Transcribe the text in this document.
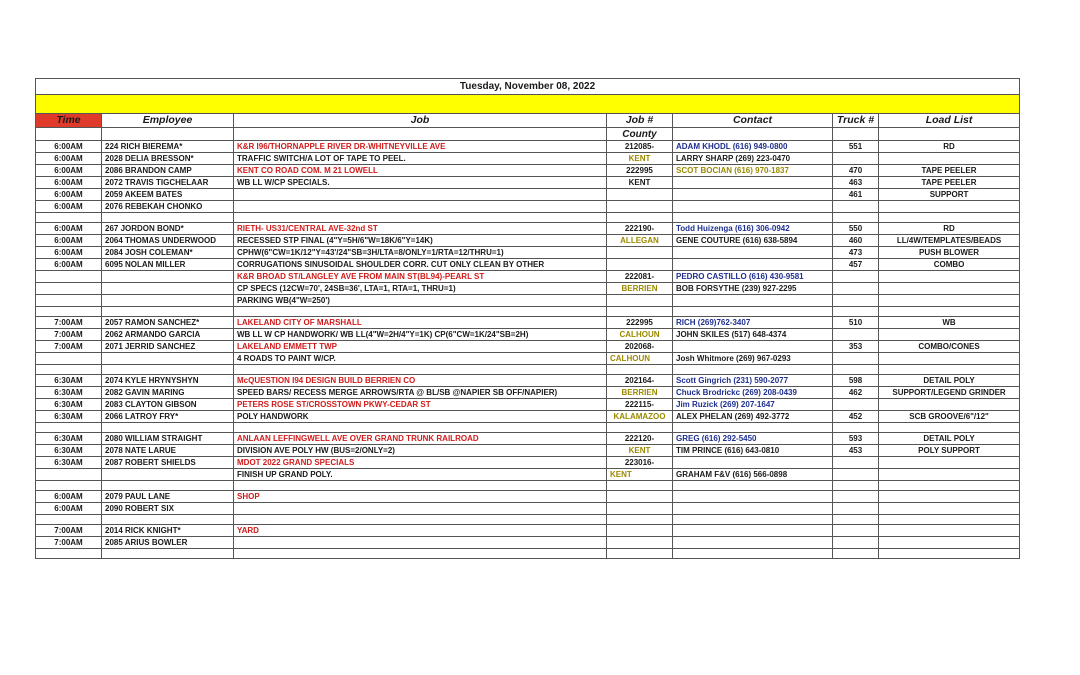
Tuesday, November 08, 2022						

Time	Employee	Job	Job #	Contact	Truck #	Load List
			County			
6:00AM	224 RICH BIEREMA*	K&R I96/THORNAPPLE RIVER DR-WHITNEYVILLE AVE	212085-	ADAM KHODL (616) 949-0800	551	RD
6:00AM	2028 DELIA BRESSON*	TRAFFIC SWITCH/A LOT OF TAPE TO PEEL.	KENT	LARRY SHARP (269) 223-0470		
6:00AM	2086 BRANDON CAMP	KENT CO ROAD COM. M 21 LOWELL	222995	SCOT BOCIAN (616) 970-1837	470	TAPE PEELER
6:00AM	2072 TRAVIS TIGCHELAAR	WB LL W/CP SPECIALS.	KENT		463	TAPE PEELER
6:00AM	2059 AKEEM BATES				461	SUPPORT
6:00AM	2076 REBEKAH CHONKO					

6:00AM	267 JORDON BOND*	RIETH- US31/CENTRAL AVE-32nd ST	222190-	Todd Huizenga (616) 306-0942	550	RD
6:00AM	2064 THOMAS UNDERWOOD	RECESSED STP FINAL (4"Y=5H/6"W=18K/6"Y=14K)	ALLEGAN	GENE COUTURE (616) 638-5894	460	LL/4W/TEMPLATES/BEADS
6:00AM	2084 JOSH COLEMAN*	CPHW(6"CW=1K/12"Y=43'/24"SB=3H/LTA=8/ONLY=1/RTA=12/THRU=1)			473	PUSH BLOWER
6:00AM	6095 NOLAN MILLER	CORRUGATIONS SINUSOIDAL SHOULDER CORR. CUT ONLY CLEAN BY OTHER			457	COMBO
		K&R BROAD ST/LANGLEY AVE FROM MAIN ST(BL94)-PEARL ST	222081-	PEDRO CASTILLO (616) 430-9581		
		CP SPECS (12CW=70', 24SB=36', LTA=1, RTA=1, THRU=1)	BERRIEN	BOB FORSYTHE (239) 927-2295		
		PARKING WB(4"W=250')				

7:00AM	2057 RAMON SANCHEZ*	LAKELAND CITY OF MARSHALL	222995	RICH (269)762-3407	510	WB
7:00AM	2062 ARMANDO GARCIA	WB LL W CP HANDWORK/ WB LL(4"W=2H/4"Y=1K) CP(6"CW=1K/24"SB=2H)	CALHOUN	JOHN SKILES (517) 648-4374		
7:00AM	2071 JERRID SANCHEZ	LAKELAND EMMETT TWP	202068-		353	COMBO/CONES
		4 ROADS TO PAINT W/CP.	CALHOUN	Josh Whitmore (269) 967-0293		

6:30AM	2074 KYLE HRYNYSHYN	McQUESTION I94 DESIGN BUILD BERRIEN CO	202164-	Scott Gingrich (231) 590-2077	598	DETAIL POLY
6:30AM	2082 GAVIN MARING	SPEED BARS/ RECESS MERGE ARROWS/RTA @ BL/SB @NAPIER SB OFF/NAPIER)	BERRIEN	Chuck Brodrickc (269) 208-0439	462	SUPPORT/LEGEND GRINDER
6:30AM	2083 CLAYTON GIBSON	PETERS ROSE ST/CROSSTOWN PKWY-CEDAR ST	222115-	Jim Ruzick (269) 207-1647		
6:30AM	2066 LATROY FRY*	POLY HANDWORK	KALAMAZOO	ALEX PHELAN (269) 492-3772	452	SCB GROOVE/6"/12"

6:30AM	2080 WILLIAM STRAIGHT	ANLAAN LEFFINGWELL AVE OVER GRAND TRUNK RAILROAD	222120-	GREG (616) 292-5450	593	DETAIL POLY
6:30AM	2078 NATE LARUE	DIVISION AVE POLY HW (BUS=2/ONLY=2)	KENT	TIM PRINCE (616) 643-0810	453	POLY SUPPORT
6:30AM	2087 ROBERT SHIELDS	MDOT 2022 GRAND SPECIALS	223016-			
		FINISH UP GRAND POLY.	KENT	GRAHAM F&V (616) 566-0898		

6:00AM	2079 PAUL LANE	SHOP				
6:00AM	2090 ROBERT SIX					

7:00AM	2014 RICK KNIGHT*	YARD				
7:00AM	2085 ARIUS BOWLER					
